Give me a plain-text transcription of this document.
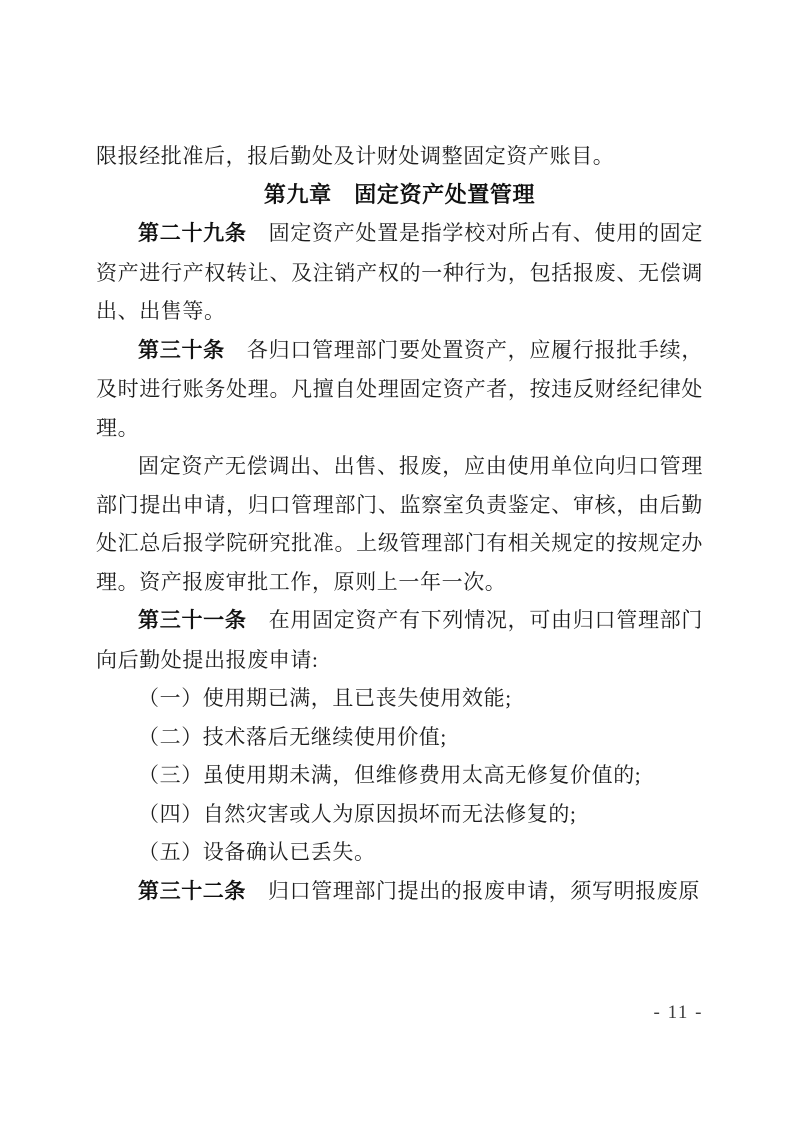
限报经批准后，报后勤处及计财处调整固定资产账目。

第九章　固定资产处置管理

第二十九条 固定资产处置是指学校对所占有、使用的固定资产进行产权转让、及注销产权的一种行为，包括报废、无偿调出、出售等。

第三十条 各归口管理部门要处置资产，应履行报批手续，及时进行账务处理。凡擅自处理固定资产者，按违反财经纪律处理。

固定资产无偿调出、出售、报废，应由使用单位向归口管理部门提出申请，归口管理部门、监察室负责鉴定、审核，由后勤处汇总后报学院研究批准。上级管理部门有相关规定的按规定办理。资产报废审批工作，原则上一年一次。

第三十一条 在用固定资产有下列情况，可由归口管理部门向后勤处提出报废申请:

（一）使用期已满，且已丧失使用效能;

（二）技术落后无继续使用价值;

（三）虽使用期未满，但维修费用太高无修复价值的;

（四）自然灾害或人为原因损坏而无法修复的;

（五）设备确认已丢失。

第三十二条 归口管理部门提出的报废申请，须写明报废原

- 11 -
